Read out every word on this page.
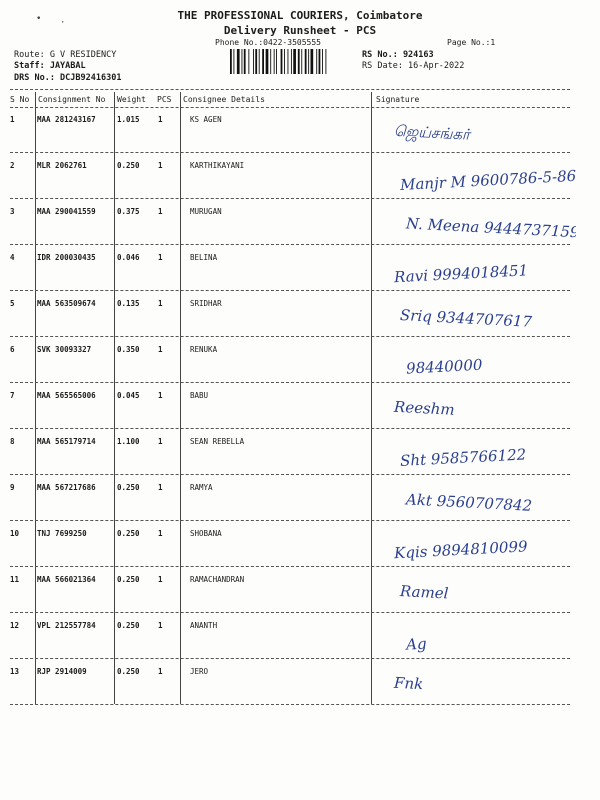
THE PROFESSIONAL COURIERS, Coimbatore
Delivery Runsheet - PCS
Phone No.:0422-3505555	Page No.:1
• ·
Route: G V RESIDENCY
Staff: JAYABAL
DRS No.: DCJB92416301
RS No.: 924163
RS Date: 16-Apr-2022
S No Consignment No Weight PCS Consignee Details	Signature
1	MAA 281243167	1.015 1	KS AGEN
ஜெய்சங்கர்
2	MLR 2062761	0.250 1	KARTHIKAYANI
Manjr M 9600786-5-86
3	MAA 290041559	0.375 1	MURUGAN
N. Meena 9444737159
4	IDR 200030435	0.046 1	BELINA
Ravi 9994018451
5	MAA 563509674	0.135 1	SRIDHAR
Sriq 9344707617
6	SVK 30093327	0.350 1	RENUKA
98440000
7	MAA 565565006	0.045 1	BABU
Reeshm
8	MAA 565179714	1.100 1	SEAN REBELLA
Sht 9585766122
9	MAA 567217686	0.250 1	RAMYA
Akt 9560707842
10 TNJ 7699250	0.250 1	SHOBANA
Kqis 9894810099
11 MAA 566021364	0.250 1	RAMACHANDRAN
Ramel
12 VPL 212557784	0.250 1	ANANTH
Ag
13 RJP 2914009	0.250 1	JERO
Fnk
